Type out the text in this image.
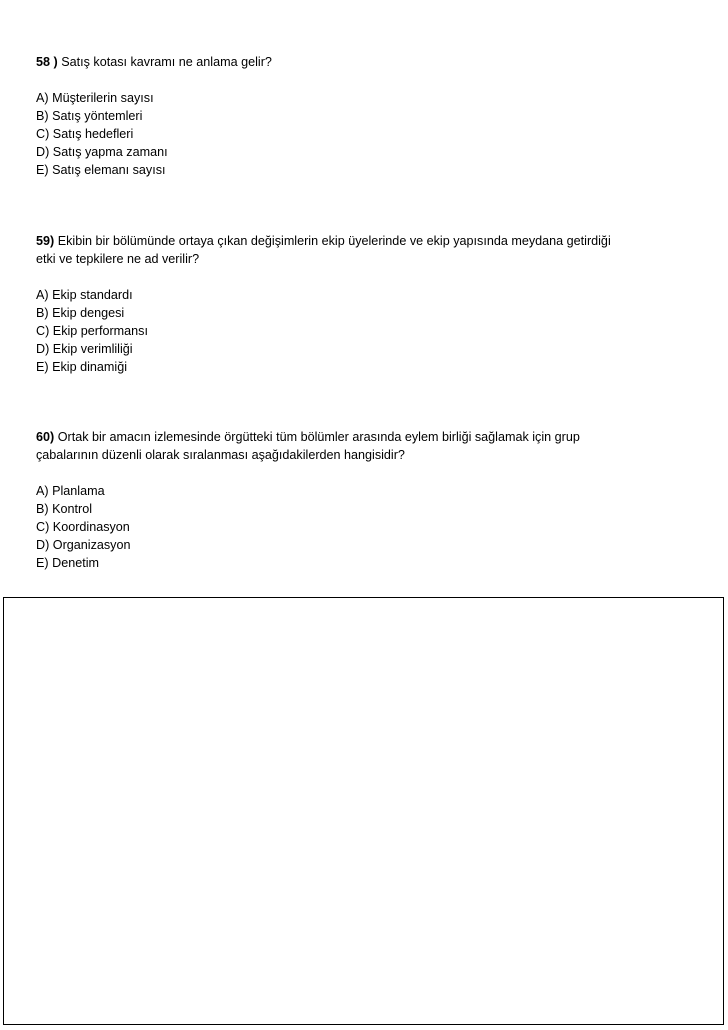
58 ) Satış kotası kavramı ne anlama gelir?

A) Müşterilerin sayısı
B) Satış yöntemleri
C) Satış hedefleri
D) Satış yapma zamanı
E) Satış elemanı sayısı

59) Ekibin bir bölümünde ortaya çıkan değişimlerin ekip üyelerinde ve ekip yapısında meydana getirdiği
etki ve tepkilere ne ad verilir?

A) Ekip standardı
B) Ekip dengesi
C) Ekip performansı
D) Ekip verimliliği
E) Ekip dinamiği

60) Ortak bir amacın izlemesinde örgütteki tüm bölümler arasında eylem birliği sağlamak için grup
çabalarının düzenli olarak sıralanması aşağıdakilerden hangisidir?

A) Planlama
B) Kontrol
C) Koordinasyon
D) Organizasyon
E) Denetim
